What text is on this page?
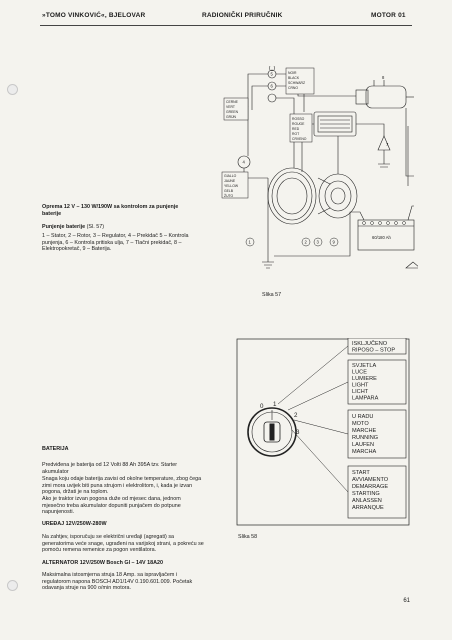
»TOMO VINKOVIĆ«, BJELOVAR	RADIONIČKI PRIRUČNIK	MOTOR 01
CERNE
VERT
GREEN
GRÜN
NOIR
BLACK
SCHWARZ
CRNO
ROSSO
ROUGE
RED
ROT
CRVENO
GIALLO
JAUNE
YELLOW
GELB
ŽUTO
60/180 Ah
1	2 3	9
5
6
4
7
8
Slika 57
Oprema 12 V – 130 W/190W sa kontrolom za punjenje baterije
Punjenje baterije (Sl. 57)
1 – Stator, 2 – Rotor, 3 – Regulator, 4 – Prekidač 5 – Kontrola punjenja, 6 – Kontrola pritiska ulja, 7 – Tlačni prekidač, 8 – Elektropokretač, 9 – Baterija.
ISKLJUČENO
RIPOSO – STOP
SVJETLA
LUCE
LUMIERE
LIGHT
LICHT
LAMPARA
U RADU
MOTO
MARCHE
RUNNING
LAUFEN
MARCHA
START
AVVIAMENTO
DEMARRAGE
STARTING
ANLASSEN
ARRANQUE
0 1
2
3
Slika 58
BATERIJA
Predviđena je baterija od 12 Volti 88 Ah 395A tzv. Starter akumulator
Snaga koju odaje baterija zavisi od okolne temperature, zbog čega zimi mora uvijek biti puna strujom i elektrolitom, i, kada je izvan pogona, držati je na toplom.
Ako je traktor izvan pogona duže od mjesec dana, jednom mjesečno treba akumulator dopuniti punjačem do potpune napunjenosti.
UREĐAJ 12V/250W-280W
Na zahtjev, isporučuju se električni uređaji (agregati) sa generatorima veće snage, ugrađeni na varijskoj strani, a pokreću se pomoću remena remenice za pogon ventilatora.
ALTERNATOR 12V/250W Bosch Gl – 14V 18A20
Maksimalna istosmjerna struja 18 Amp. sa ispravljačem i regulatorom napona BOSCH AD1/14V 0.190.601.009. Početak odavanja struje na 900 o/min motora.
61
